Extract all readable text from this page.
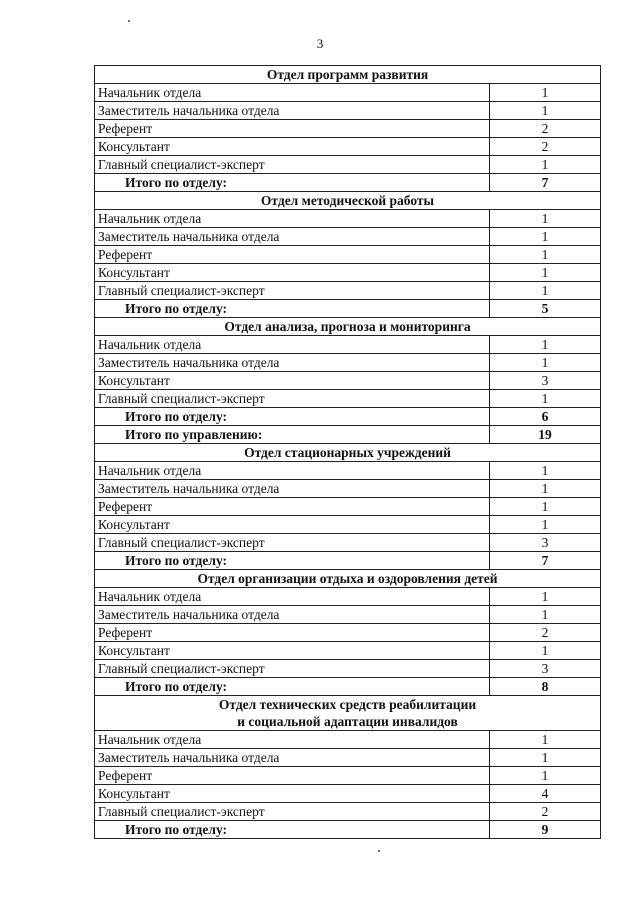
3
Отдел программ развития	
Начальник отдела	1
Заместитель начальника отдела	1
Референт	2
Консультант	2
Главный специалист-эксперт	1
Итого по отделу:	7
Отдел методической работы	
Начальник отдела	1
Заместитель начальника отдела	1
Референт	1
Консультант	1
Главный специалист-эксперт	1
Итого по отделу:	5
Отдел анализа, прогноза и мониторинга	
Начальник отдела	1
Заместитель начальника отдела	1
Консультант	3
Главный специалист-эксперт	1
Итого по отделу:	6
Итого по управлению:	19
Отдел стационарных учреждений	
Начальник отдела	1
Заместитель начальника отдела	1
Референт	1
Консультант	1
Главный специалист-эксперт	3
Итого по отделу:	7
Отдел организации отдыха и оздоровления детей	
Начальник отдела	1
Заместитель начальника отдела	1
Референт	2
Консультант	1
Главный специалист-эксперт	3
Итого по отделу:	8

Отдел технических средств реабилитации
и социальной адаптации инвалидов	

Начальник отдела	1
Заместитель начальника отдела	1
Референт	1
Консультант	4
Главный специалист-эксперт	2
Итого по отделу:	9
